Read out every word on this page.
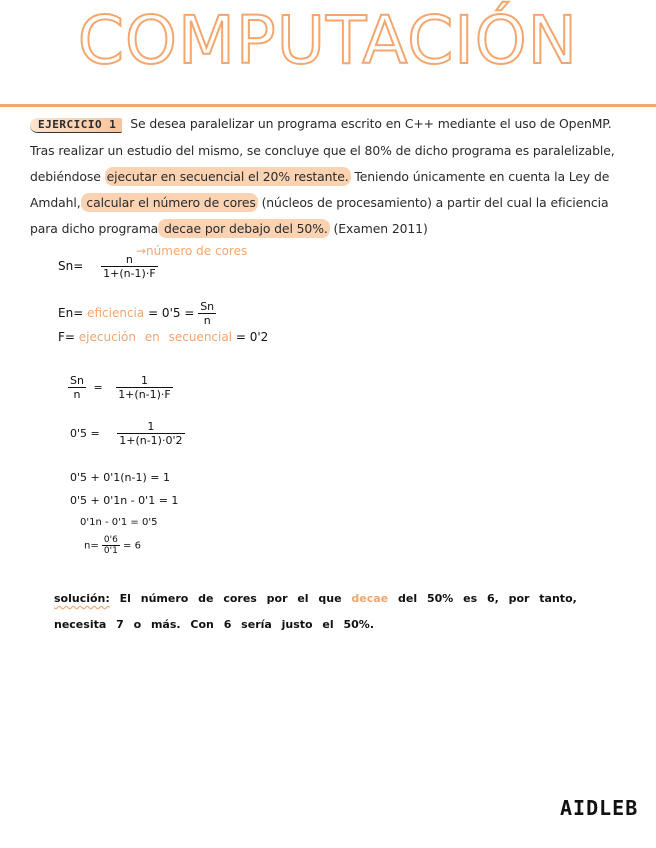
COMPUTACIÓN
EJERCICIO 1 Se desea paralelizar un programa escrito en C++ mediante el uso de OpenMP. Tras realizar un estudio del mismo, se concluye que el 80% de dicho programa es paralelizable, debiéndose ejecutar en secuencial el 20% restante. Teniendo únicamente en cuenta la Ley de Amdahl, calcular el número de cores (núcleos de procesamiento) a partir del cual la eficiencia para dicho programa decae por debajo del 50%. (Examen 2011)
$Sn= \frac{n}{1+(n-1)\cdot F}$
→número de cores
En= eficiencia = $0'5 = \frac{Sn}{n}$
F= ejecución en secuencial = 0'2
$\frac{Sn}{n} = \frac{1}{1+(n-1)\cdot F}$
$0'5 = \frac{1}{1+(n-1)\cdot 0'2}$
0'5 + 0'1(n-1) = 1
0'5 + 0'1n - 0'1 = 1
0'1n - 0'1 = 0'5
$n= \frac{0'6}{0'1} = 6$
solución: El número de cores por el que decae del 50% es 6, por tanto, necesita 7 o más. Con 6 sería justo el 50%.
AIDLEB
